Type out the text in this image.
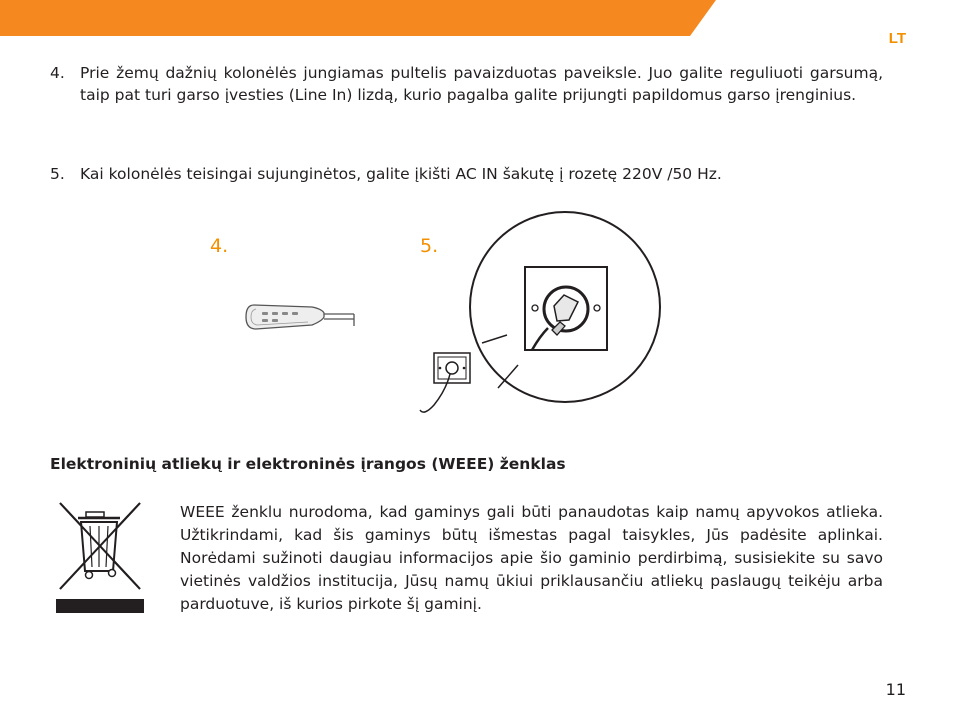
LT
4. Prie žemų dažnių kolonėlės jungiamas pultelis pavaizduotas paveiksle. Juo galite reguliuoti garsumą, taip pat turi garso įvesties (Line In) lizdą, kurio pagalba galite prijungti papildomus garso įrenginius.
5. Kai kolonėlės teisingai sujunginėtos, galite įkišti AC IN šakutę į rozetę 220V /50 Hz.
4.	5.
Elektroninių atliekų ir elektroninės įrangos (WEEE) ženklas
WEEE ženklu nurodoma, kad gaminys gali būti panaudotas kaip namų apyvokos atlieka. Užtikrindami, kad šis gaminys būtų išmestas pagal taisykles, Jūs padėsite aplinkai. Norėdami sužinoti daugiau informacijos apie šio gaminio perdirbimą, susisiekite su savo vietinės valdžios institucija, Jūsų namų ūkiui priklausančiu atliekų paslaugų teikėju arba parduotuve, iš kurios pirkote šį gaminį.
11
